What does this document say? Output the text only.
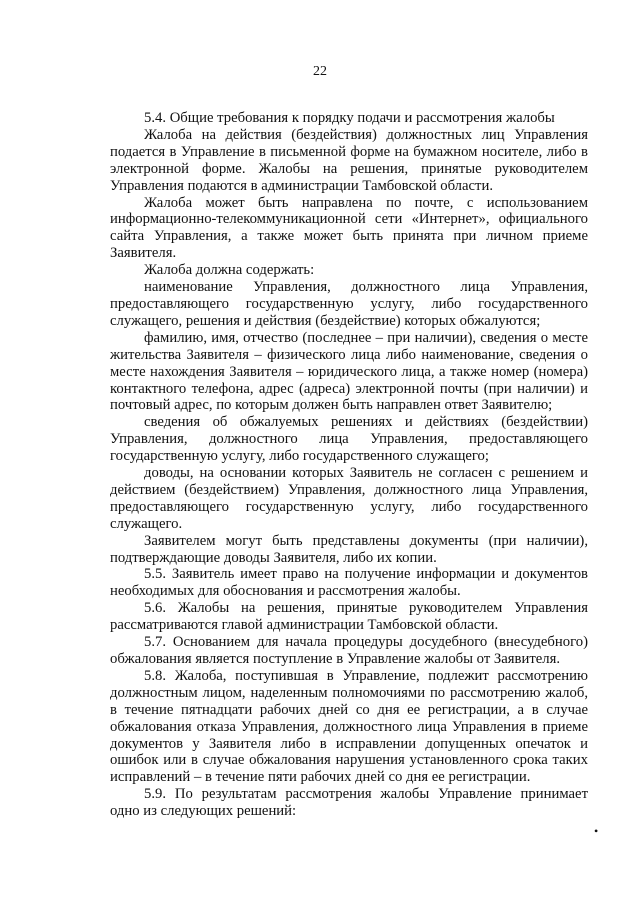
22

5.4. Общие требования к порядку подачи и рассмотрения жалобы

Жалоба на действия (бездействия) должностных лиц Управления подается в Управление в письменной форме на бумажном носителе, либо в электронной форме. Жалобы на решения, принятые руководителем Управления подаются в администрации Тамбовской области.

Жалоба может быть направлена по почте, с использованием информационно-телекоммуникационной сети «Интернет», официального сайта Управления, а также может быть принята при личном приеме Заявителя.

Жалоба должна содержать:

наименование Управления, должностного лица Управления, предоставляющего государственную услугу, либо государственного служащего, решения и действия (бездействие) которых обжалуются;

фамилию, имя, отчество (последнее – при наличии), сведения о месте жительства Заявителя – физического лица либо наименование, сведения о месте нахождения Заявителя – юридического лица, а также номер (номера) контактного телефона, адрес (адреса) электронной почты (при наличии) и почтовый адрес, по которым должен быть направлен ответ Заявителю;

сведения об обжалуемых решениях и действиях (бездействии) Управления, должностного лица Управления, предоставляющего государственную услугу, либо государственного служащего;

доводы, на основании которых Заявитель не согласен с решением и действием (бездействием) Управления, должностного лица Управления, предоставляющего государственную услугу, либо государственного служащего.

Заявителем могут быть представлены документы (при наличии), подтверждающие доводы Заявителя, либо их копии.

5.5. Заявитель имеет право на получение информации и документов необходимых для обоснования и рассмотрения жалобы.

5.6. Жалобы на решения, принятые руководителем Управления рассматриваются главой администрации Тамбовской области.

5.7. Основанием для начала процедуры досудебного (внесудебного) обжалования является поступление в Управление жалобы от Заявителя.

5.8. Жалоба, поступившая в Управление, подлежит рассмотрению должностным лицом, наделенным полномочиями по рассмотрению жалоб, в течение пятнадцати рабочих дней со дня ее регистрации, а в случае обжалования отказа Управления, должностного лица Управления в приеме документов у Заявителя либо в исправлении допущенных опечаток и ошибок или в случае обжалования нарушения установленного срока таких исправлений – в течение пяти рабочих дней со дня ее регистрации.

5.9. По результатам рассмотрения жалобы Управление принимает одно из следующих решений:

•
